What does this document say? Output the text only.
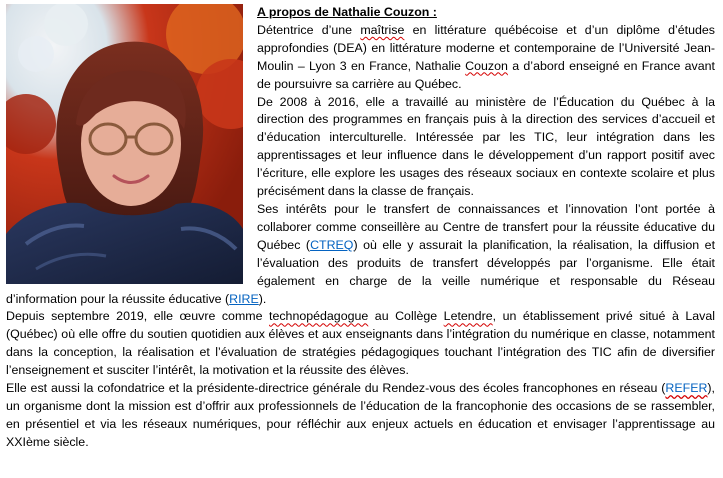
A propos de Nathalie Couzon :

Détentrice d’une maîtrise en littérature québécoise et d’un diplôme d’études approfondies (DEA) en littérature moderne et contemporaine de l’Université Jean-Moulin – Lyon 3 en France, Nathalie Couzon a d’abord enseigné en France avant de poursuivre sa carrière au Québec.

De 2008 à 2016, elle a travaillé au ministère de l’Éducation du Québec à la direction des programmes en français puis à la direction des services d’accueil et d’éducation interculturelle. Intéressée par les TIC, leur intégration dans les apprentissages et leur influence dans le développement d’un rapport positif avec l’écriture, elle explore les usages des réseaux sociaux en contexte scolaire et plus précisément dans la classe de français.

Ses intérêts pour le transfert de connaissances et l’innovation l’ont portée à collaborer comme conseillère au Centre de transfert pour la réussite éducative du Québec (CTREQ) où elle y assurait la planification, la réalisation, la diffusion et l’évaluation des produits de transfert développés par l’organisme. Elle était également en charge de la veille numérique et responsable du Réseau d’information pour la réussite éducative (RIRE).

Depuis septembre 2019, elle œuvre comme technopédagogue au Collège Letendre, un établissement privé situé à Laval (Québec) où elle offre du soutien quotidien aux élèves et aux enseignants dans l’intégration du numérique en classe, notamment dans la conception, la réalisation et l’évaluation de stratégies pédagogiques touchant l’intégration des TIC afin de diversifier l’enseignement et susciter l’intérêt, la motivation et la réussite des élèves.

Elle est aussi la cofondatrice et la présidente-directrice générale du Rendez-vous des écoles francophones en réseau (REFER), un organisme dont la mission est d’offrir aux professionnels de l’éducation de la francophonie des occasions de se rassembler, en présentiel et via les réseaux numériques, pour réfléchir aux enjeux actuels en éducation et envisager l’apprentissage au XXIème siècle.
